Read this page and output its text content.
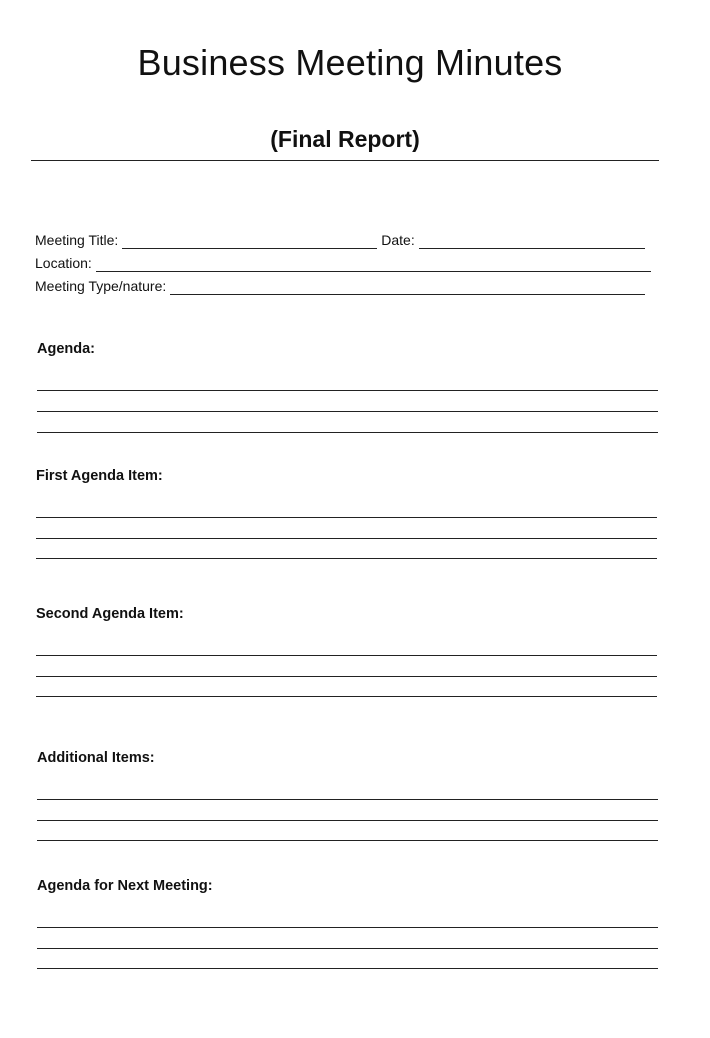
Business Meeting Minutes
(Final Report)
Meeting Title:	Date:
Location:
Meeting Type/nature:
Agenda:
First Agenda Item:
Second Agenda Item:
Additional Items:
Agenda for Next Meeting:
